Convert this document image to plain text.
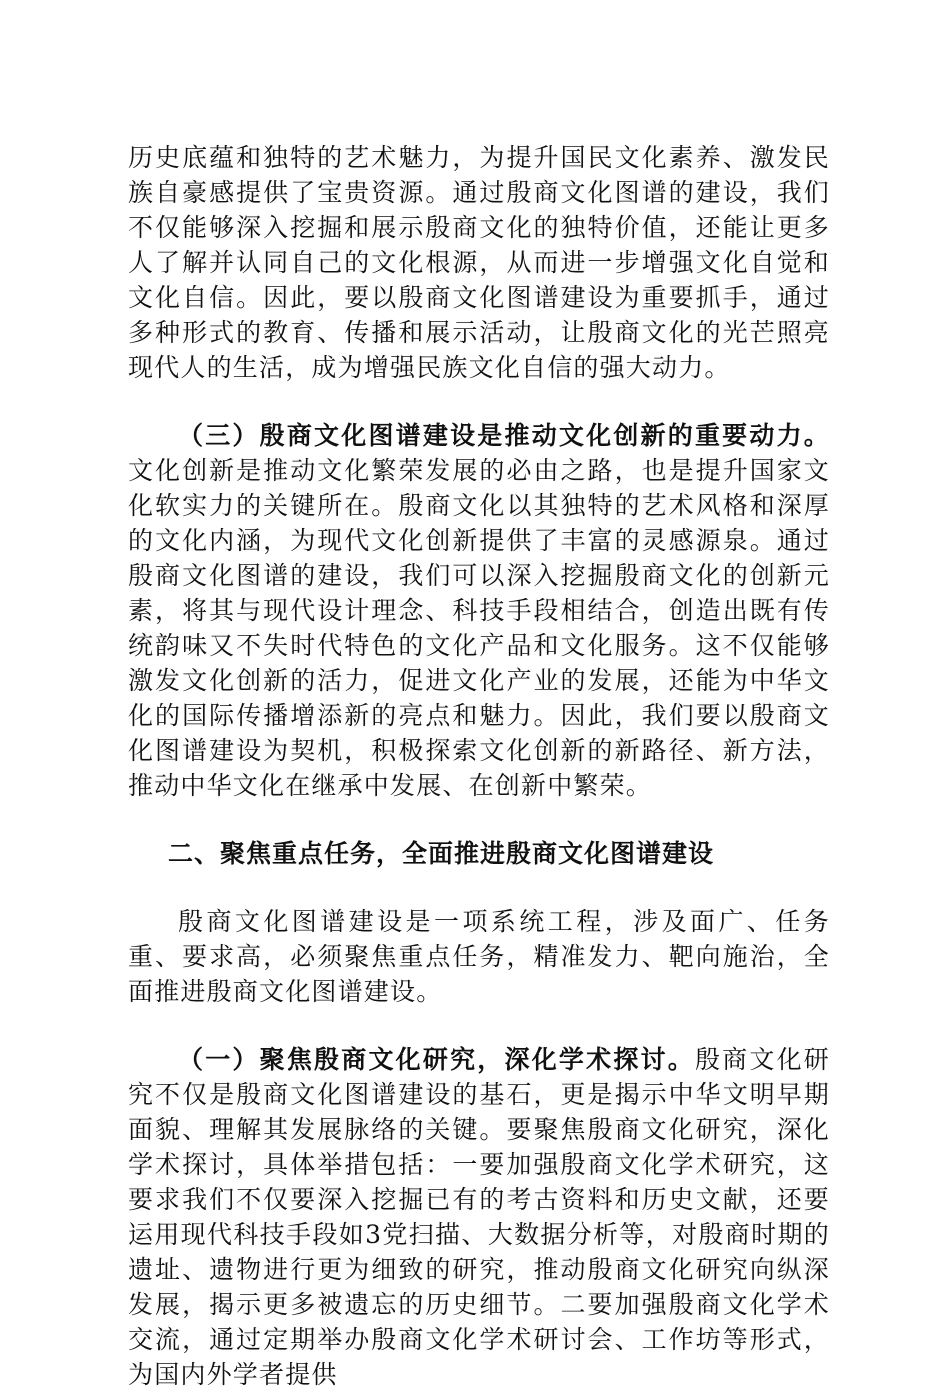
历史底蕴和独特的艺术魅力，为提升国民文化素养、激发民族自豪感提供了宝贵资源。通过殷商文化图谱的建设，我们不仅能够深入挖掘和展示殷商文化的独特价值，还能让更多人了解并认同自己的文化根源，从而进一步增强文化自觉和文化自信。因此，要以殷商文化图谱建设为重要抓手，通过多种形式的教育、传播和展示活动，让殷商文化的光芒照亮现代人的生活，成为增强民族文化自信的强大动力。

（三）殷商文化图谱建设是推动文化创新的重要动力。文化创新是推动文化繁荣发展的必由之路，也是提升国家文化软实力的关键所在。殷商文化以其独特的艺术风格和深厚的文化内涵，为现代文化创新提供了丰富的灵感源泉。通过殷商文化图谱的建设，我们可以深入挖掘殷商文化的创新元素，将其与现代设计理念、科技手段相结合，创造出既有传统韵味又不失时代特色的文化产品和文化服务。这不仅能够激发文化创新的活力，促进文化产业的发展，还能为中华文化的国际传播增添新的亮点和魅力。因此，我们要以殷商文化图谱建设为契机，积极探索文化创新的新路径、新方法，推动中华文化在继承中发展、在创新中繁荣。

二、聚焦重点任务，全面推进殷商文化图谱建设

殷商文化图谱建设是一项系统工程，涉及面广、任务重、要求高，必须聚焦重点任务，精准发力、靶向施治，全面推进殷商文化图谱建设。

（一）聚焦殷商文化研究，深化学术探讨。殷商文化研究不仅是殷商文化图谱建设的基石，更是揭示中华文明早期面貌、理解其发展脉络的关键。要聚焦殷商文化研究，深化学术探讨，具体举措包括：一要加强殷商文化学术研究，这要求我们不仅要深入挖掘已有的考古资料和历史文献，还要运用现代科技手段如3党扫描、大数据分析等，对殷商时期的遗址、遗物进行更为细致的研究，推动殷商文化研究向纵深发展，揭示更多被遗忘的历史细节。二要加强殷商文化学术交流，通过定期举办殷商文化学术研讨会、工作坊等形式，为国内外学者提供
